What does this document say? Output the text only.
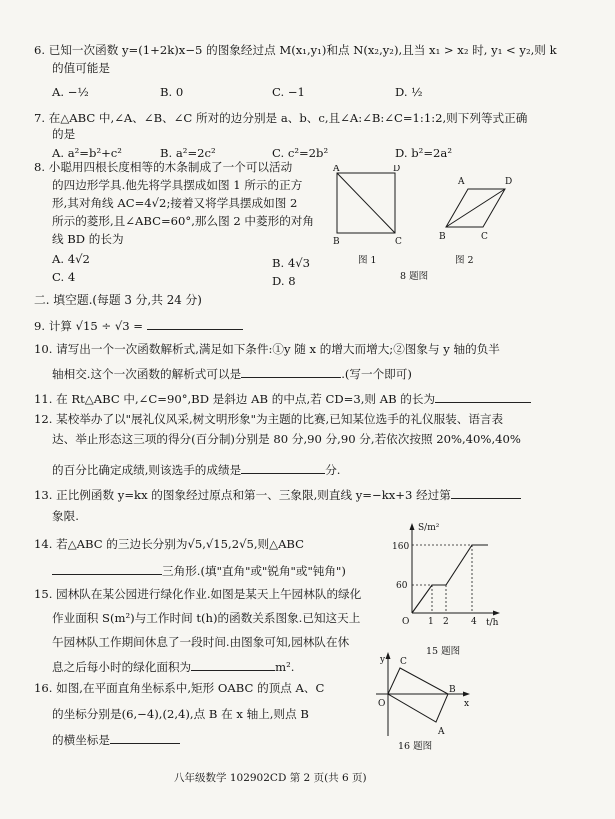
6. 已知一次函数 y=(1+2k)x−5 的图象经过点 M(x₁,y₁)和点 N(x₂,y₂),且当 x₁ > x₂ 时, y₁ < y₂,则 k
的值可能是
A. −½	B. 0	C. −1	D. ½
7. 在△ABC 中,∠A、∠B、∠C 所对的边分别是 a、b、c,且∠A:∠B:∠C=1:1:2,则下列等式正确
的是
A. a²=b²+c²	B. a²=2c²	C. c²=2b²	D. b²=2a²
8. 小聪用四根长度相等的木条制成了一个可以活动
的四边形学具.他先将学具摆成如图 1 所示的正方
形,其对角线 AC=4√2;接着又将学具摆成如图 2
所示的菱形,且∠ABC=60°,那么图 2 中菱形的对角
线 BD 的长为
A. 4√2	B. 4√3
C. 4	D. 8
A	D
B	C
A	D
B	C
图 1	图 2
8 题图
二. 填空题.(每题 3 分,共 24 分)
9. 计算 √15 ÷ √3 =
10. 请写出一个一次函数解析式,满足如下条件:①y 随 x 的增大而增大;②图象与 y 轴的负半
轴相交.这个一次函数的解析式可以是	.(写一个即可)
11. 在 Rt△ABC 中,∠C=90°,BD 是斜边 AB 的中点,若 CD=3,则 AB 的长为
12. 某校举办了以"展礼仪风采,树文明形象"为主题的比赛,已知某位选手的礼仪服装、语言表
达、举止形态这三项的得分(百分制)分别是 80 分,90 分,90 分,若依次按照 20%,40%,40%
的百分比确定成绩,则该选手的成绩是	分.
13. 正比例函数 y=kx 的图象经过原点和第一、三象限,则直线 y=−kx+3 经过第
象限.
14. 若△ABC 的三边长分别为√5,√15,2√5,则△ABC
三角形.(填"直角"或"锐角"或"钝角")
15. 园林队在某公园进行绿化作业.如图是某天上午园林队的绿化
作业面积 S(m²)与工作时间 t(h)的函数关系图象.已知这天上
午园林队工作期间休息了一段时间.由图象可知,园林队在休
息之后每小时的绿化面积为	m².
S/m²
t/h
160
60
O 1 2 4
15 题图
16. 如图,在平面直角坐标系中,矩形 OABC 的顶点 A、C
的坐标分别是(6,−4),(2,4),点 B 在 x 轴上,则点 B
的横坐标是
y C
O
B
x
A
16 题图
八年级数学 102902CD 第 2 页(共 6 页)
